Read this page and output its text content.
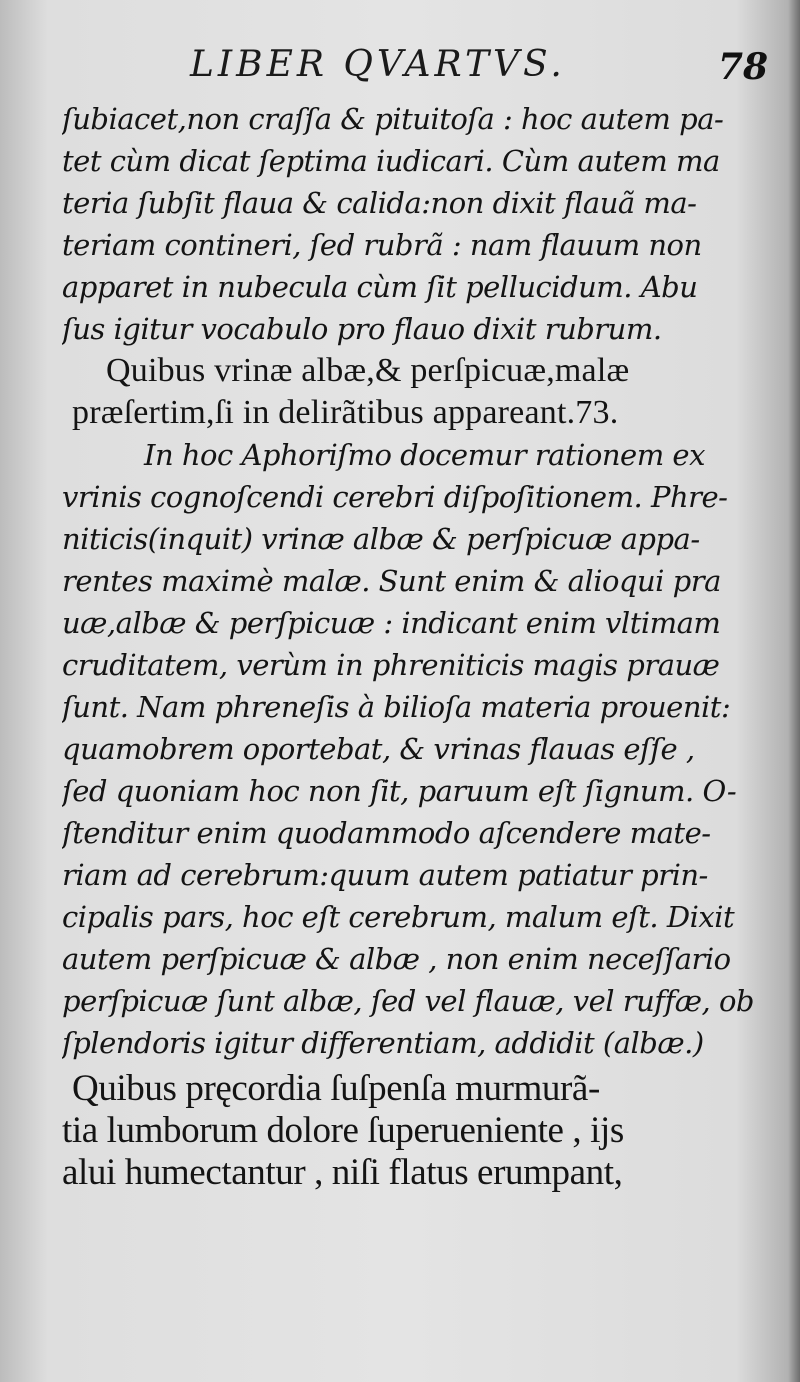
LIBER QVARTVS.	78
ſubiacet,non craſſa & pituitoſa : hoc autem pa-
tet cùm dicat ſeptima iudicari. Cùm autem ma
teria ſubſit flaua & calida:non dixit flauã ma-
teriam contineri, ſed rubrã : nam flauum non
apparet in nubecula cùm ſit pellucidum. Abu
ſus igitur vocabulo pro flauo dixit rubrum.
Quibus vrinæ albæ,& perſpicuæ,malæ
præſertim,ſi in delirãtibus appareant.73.
In hoc Aphoriſmo docemur rationem ex
vrinis cognoſcendi cerebri diſpoſitionem. Phre-
niticis(inquit) vrinæ albæ & perſpicuæ appa-
rentes maximè malæ. Sunt enim & alioqui pra
uæ,albæ & perſpicuæ : indicant enim vltimam
cruditatem, verùm in phreniticis magis prauæ
ſunt. Nam phreneſis à bilioſa materia prouenit:
quamobrem oportebat, & vrinas flauas eſſe ,
ſed quoniam hoc non ſit, paruum eſt ſignum. O-
ſtenditur enim quodammodo aſcendere mate-
riam ad cerebrum:quum autem patiatur prin-
cipalis pars, hoc eſt cerebrum, malum eſt. Dixit
autem perſpicuæ & albæ , non enim neceſſario
perſpicuæ ſunt albæ, ſed vel flauæ, vel ruffæ, ob
ſplendoris igitur differentiam, addidit (albæ.)
Quibus pręcordia ſuſpenſa murmurã-
tia lumborum dolore ſuperueniente , ijs
alui humectantur , niſi flatus erumpant,
